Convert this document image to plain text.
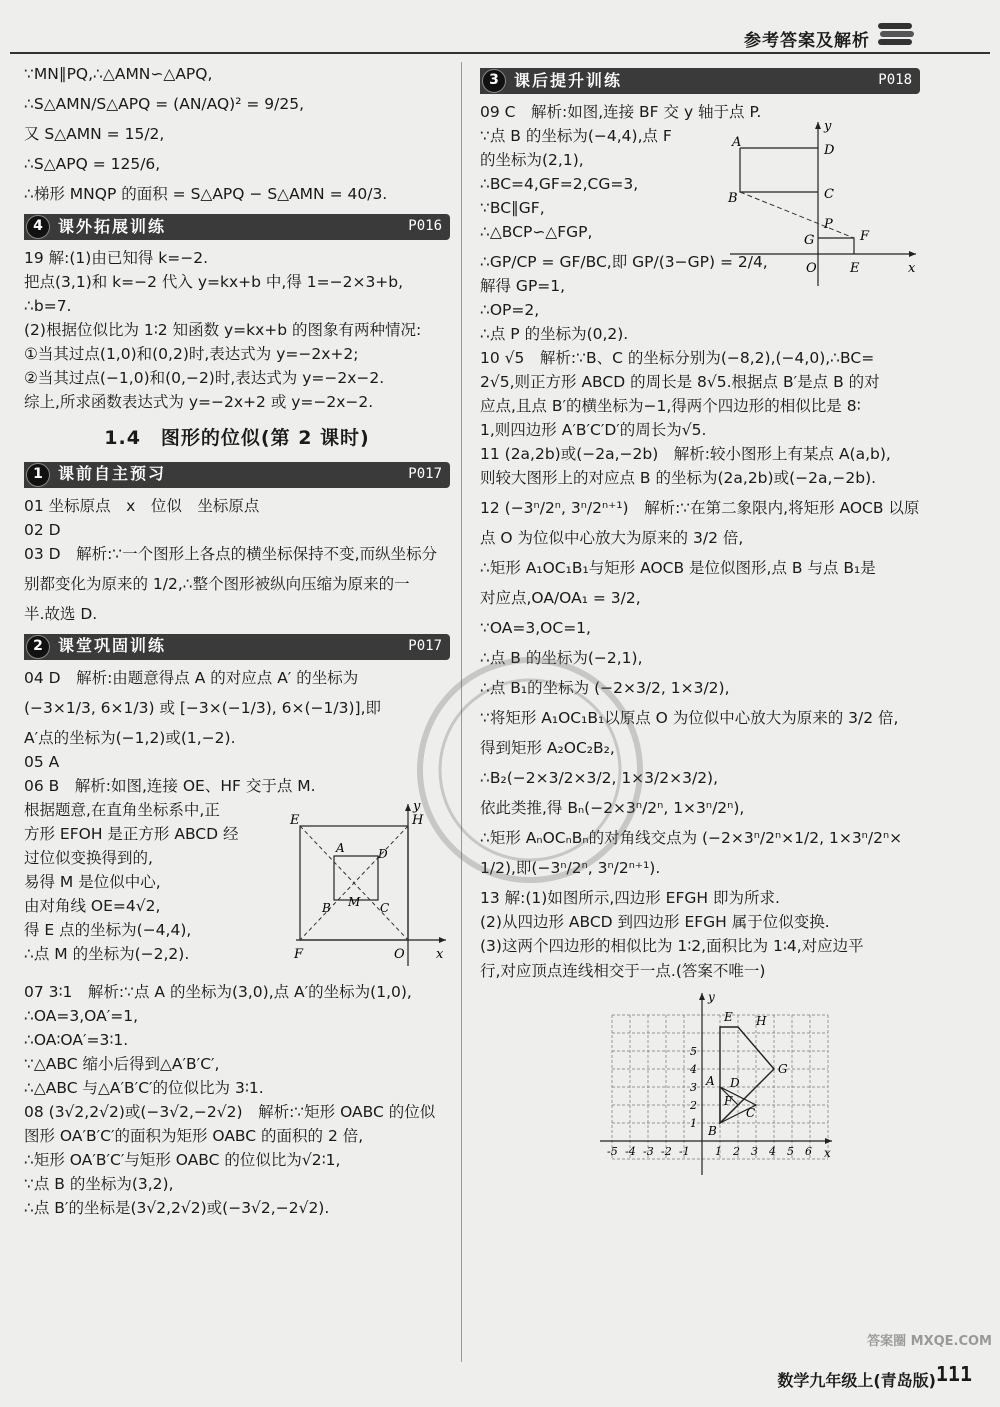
参考答案及解析

∵MN∥PQ,∴△AMN∽△APQ,

∴S△AMN/S△APQ = (AN/AQ)² = 9/25,

又 S△AMN = 15/2,

∴S△APQ = 125/6,

∴梯形 MNQP 的面积 = S△APQ − S△AMN = 40/3.

4 课外拓展训练	P016

19 解:(1)由已知得 k=−2.

把点(3,1)和 k=−2 代入 y=kx+b 中,得 1=−2×3+b,

∴b=7.

(2)根据位似比为 1∶2 知函数 y=kx+b 的图象有两种情况:

①当其过点(1,0)和(0,2)时,表达式为 y=−2x+2;

②当其过点(−1,0)和(0,−2)时,表达式为 y=−2x−2.

综上,所求函数表达式为 y=−2x+2 或 y=−2x−2.

1.4　图形的位似(第 2 课时)
1 课前自主预习	P017

01 坐标原点　x　位似　坐标原点

02 D

03 D　解析:∵一个图形上各点的横坐标保持不变,而纵坐标分

别都变化为原来的 1/2,∴整个图形被纵向压缩为原来的一

半.故选 D.

2 课堂巩固训练	P017

04 D　解析:由题意得点 A 的对应点 A′ 的坐标为

(−3×1/3, 6×1/3) 或 [−3×(−1/3), 6×(−1/3)],即

A′点的坐标为(−1,2)或(1,−2).

05 A

06 B　解析:如图,连接 OE、HF 交于点 M.

根据题意,在直角坐标系中,正

方形 EFOH 是正方形 ABCD 经

过位似变换得到的,

易得 M 是位似中心,

由对角线 OE=4√2,

得 E 点的坐标为(−4,4),

∴点 M 的坐标为(−2,2).

E	H
A	D
B	C
M
F	O x
y

07 3∶1　解析:∵点 A 的坐标为(3,0),点 A′的坐标为(1,0),

∴OA=3,OA′=1,

∴OA∶OA′=3∶1.

∵△ABC 缩小后得到△A′B′C′,

∴△ABC 与△A′B′C′的位似比为 3∶1.

08 (3√2,2√2)或(−3√2,−2√2)　解析:∵矩形 OABC 的位似

图形 OA′B′C′的面积为矩形 OABC 的面积的 2 倍,

∴矩形 OA′B′C′与矩形 OABC 的位似比为√2∶1,

∵点 B 的坐标为(3,2),

∴点 B′的坐标是(3√2,2√2)或(−3√2,−2√2).

3 课后提升训练	P018

09 C　解析:如图,连接 BF 交 y 轴于点 P.

∵点 B 的坐标为(−4,4),点 F

的坐标为(2,1),

∴BC=4,GF=2,CG=3,

∵BC∥GF,

∴△BCP∽△FGP,

∴GP/CP = GF/BC,即 GP/(3−GP) = 2/4,

解得 GP=1,

∴OP=2,

∴点 P 的坐标为(0,2).

A
D
B	C
P
G	F
O	E	x
y

10 √5　解析:∵B、C 的坐标分别为(−8,2),(−4,0),∴BC=

2√5,则正方形 ABCD 的周长是 8√5.根据点 B′是点 B 的对

应点,且点 B′的横坐标为−1,得两个四边形的相似比是 8∶

1,则四边形 A′B′C′D′的周长为√5.

11 (2a,2b)或(−2a,−2b)　解析:较小图形上有某点 A(a,b),

则较大图形上的对应点 B 的坐标为(2a,2b)或(−2a,−2b).

12 (−3ⁿ/2ⁿ, 3ⁿ/2ⁿ⁺¹)　解析:∵在第二象限内,将矩形 AOCB 以原

点 O 为位似中心放大为原来的 3/2 倍,

∴矩形 A₁OC₁B₁与矩形 AOCB 是位似图形,点 B 与点 B₁是

对应点,OA/OA₁ = 3/2,

∵OA=3,OC=1,

∴点 B 的坐标为(−2,1),

∴点 B₁的坐标为 (−2×3/2, 1×3/2),

∵将矩形 A₁OC₁B₁以原点 O 为位似中心放大为原来的 3/2 倍,

得到矩形 A₂OC₂B₂,

∴B₂(−2×3/2×3/2, 1×3/2×3/2),

依此类推,得 Bₙ(−2×3ⁿ/2ⁿ, 1×3ⁿ/2ⁿ),

∴矩形 AₙOCₙBₙ的对角线交点为 (−2×3ⁿ/2ⁿ×1/2, 1×3ⁿ/2ⁿ×

1/2),即(−3ⁿ/2ⁿ, 3ⁿ/2ⁿ⁺¹).

13 解:(1)如图所示,四边形 EFGH 即为所求.

(2)从四边形 ABCD 到四边形 EFGH 属于位似变换.

(3)这两个四边形的相似比为 1∶2,面积比为 1∶4,对应边平

行,对应顶点连线相交于一点.(答案不唯一)

E H
G
A D
F
C
B
y
x
-5 -4 -3 -2 -1 1 2 3 4 5 6
1
2
3
4
5
数学九年级上(青岛版) 111
答案圈 MXQE.COM
